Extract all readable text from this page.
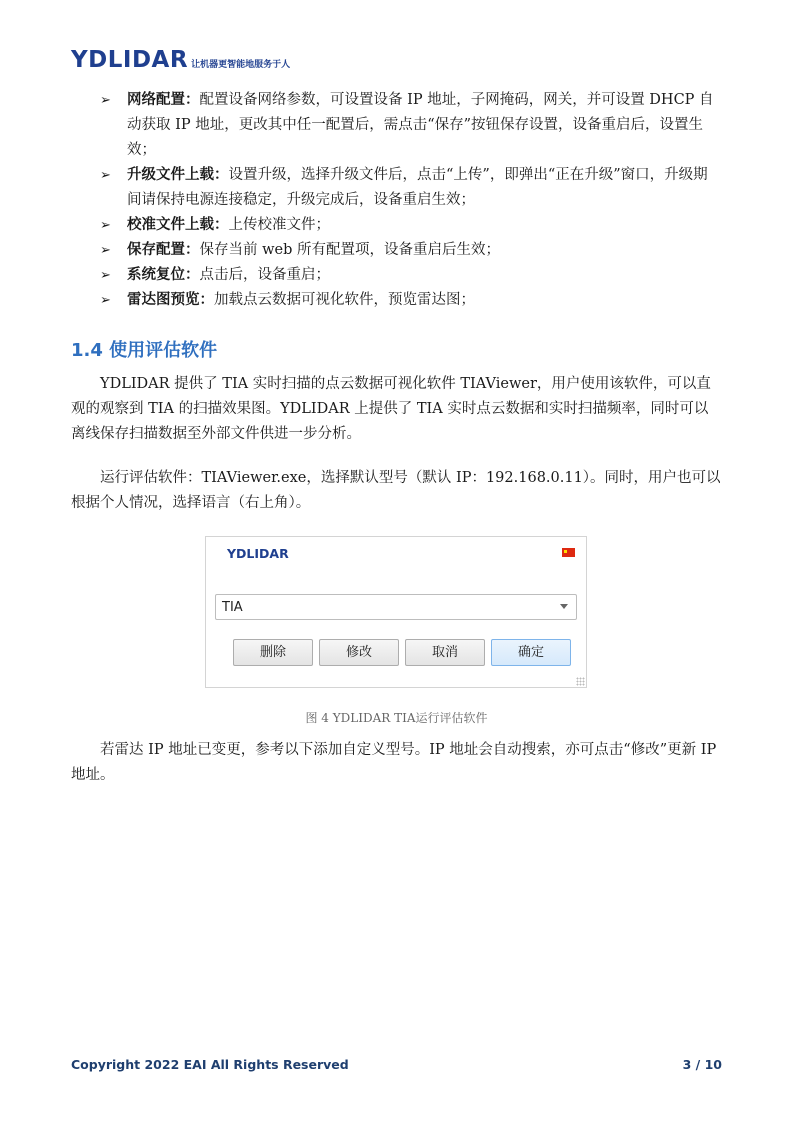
YDLIDAR 让机器更智能地服务于人
➢ 网络配置：配置设备网络参数，可设置设备 IP 地址，子网掩码，网关，并可设置 DHCP 自动获取 IP 地址，更改其中任一配置后，需点击“保存”按钮保存设置，设备重启后，设置生效；
➢ 升级文件上载：设置升级，选择升级文件后，点击“上传”，即弹出“正在升级”窗口，升级期间请保持电源连接稳定，升级完成后，设备重启生效；
➢ 校准文件上载：上传校准文件；
➢ 保存配置：保存当前 web 所有配置项，设备重启后生效；
➢ 系统复位：点击后，设备重启；
➢ 雷达图预览：加载点云数据可视化软件，预览雷达图；
1.4 使用评估软件

YDLIDAR 提供了 TIA 实时扫描的点云数据可视化软件 TIAViewer，用户使用该软件，可以直观的观察到 TIA 的扫描效果图。YDLIDAR 上提供了 TIA 实时点云数据和实时扫描频率，同时可以离线保存扫描数据至外部文件供进一步分析。

运行评估软件：TIAViewer.exe，选择默认型号（默认 IP：192.168.0.11）。同时，用户也可以根据个人情况，选择语言（右上角）。

YDLIDAR
TIA
删除	修改	取消	确定
图 4 YDLIDAR TIA运行评估软件

若雷达 IP 地址已变更，参考以下添加自定义型号。IP 地址会自动搜索，亦可点击“修改”更新 IP 地址。

Copyright 2022 EAI All Rights Reserved	3 / 10
